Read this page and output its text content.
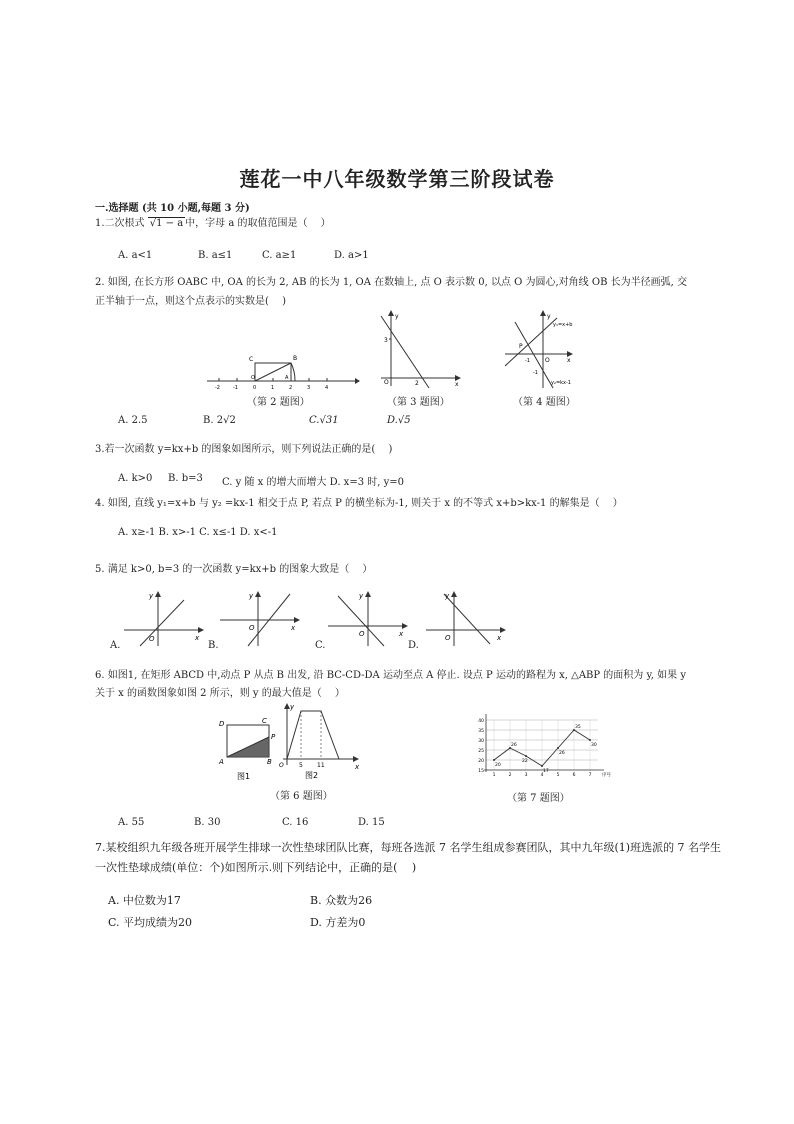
莲花一中八年级数学第三阶段试卷
一.选择题 (共 10 小题,每题 3 分)
1.二次根式 √1 − a 中，字母 a 的取值范围是（　 ）
A. a<1	B. a≤1	C. a≥1	D. a>1
2. 如图, 在长方形 OABC 中, OA 的长为 2, AB 的长为 1, OA 在数轴上, 点 O 表示数 0, 以点 O 为圆心,对角线 OB 长为半径画弧, 交
正半轴于一点，则这个点表示的实数是(　 )
C	B
O	A
-2	-1	0	1	2	3	4
（第 2 题图）
y
3
O	2	x
（第 3 题图）
y₁=x+b
y
P
-1	O	x
-1
y₂=kx-1
（第 4 题图）
A. 2.5	B. 2√2	C.√31	D.√5
3.若一次函数 y=kx+b 的图象如图所示，则下列说法正确的是(　 )
A. k>0 B. b=3 C. y 随 x 的增大而增大 D. x=3 时, y=0
4. 如图, 直线 y₁=x+b 与 y₂ =kx-1 相交于点 P, 若点 P 的横坐标为-1, 则关于 x 的不等式 x+b>kx-1 的解集是（　 ）
A. x≥-1 B. x>-1 C. x≤-1 D. x<-1
5. 满足 k>0, b=3 的一次函数 y=kx+b 的图象大致是（　 ）
y
O	x
y
O	x
y
O	x
y
O	x
A.	B.	C.	D.
6. 如图1, 在矩形 ABCD 中,动点 P 从点 B 出发, 沿 BC-CD-DA 运动至点 A 停止. 设点 P 运动的路程为 x, △ABP 的面积为 y, 如果 y
关于 x 的函数图象如图 2 所示，则 y 的最大值是（　 ）
D	C
P
A	B
y
O	5 11	x
图1	图2
（第 6 题图）
15
20
25
30
35
40
1	2	3	4	5	6	7 序号
20
26
22
17
26
35
30
（第 7 题图）
A. 55	B. 30	C. 16	D. 15
7.某校组织九年级各班开展学生排球一次性垫球团队比赛，每班各选派 7 名学生组成参赛团队，其中九年级(1)班选派的 7 名学生
一次性垫球成绩(单位：个)如图所示.则下列结论中，正确的是(　 )
A. 中位数为17	B. 众数为26
C. 平均成绩为20	D. 方差为0
